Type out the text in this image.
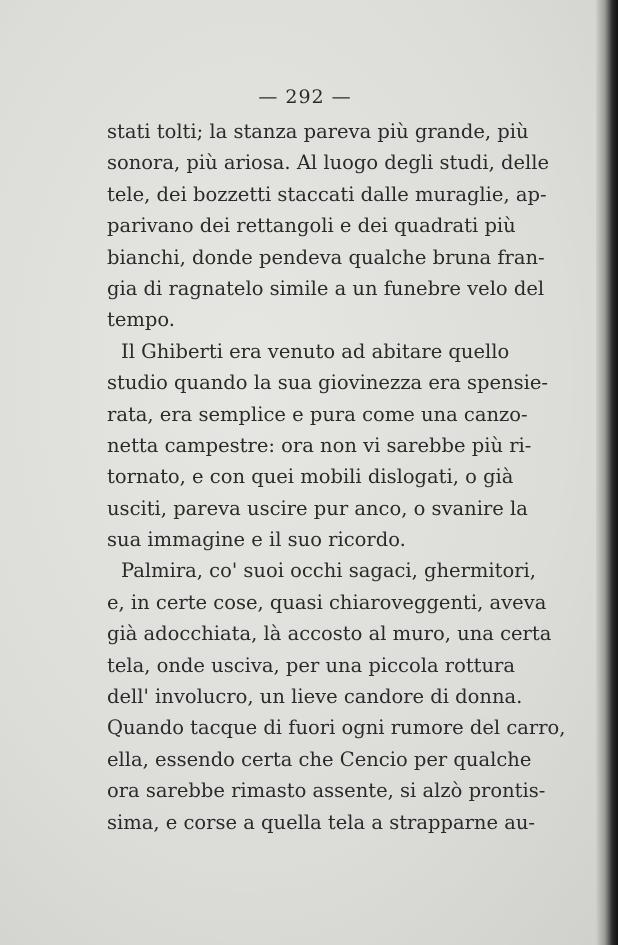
— 292 —
stati tolti; la stanza pareva più grande, più
sonora, più ariosa. Al luogo degli studi, delle
tele, dei bozzetti staccati dalle muraglie, ap-
parivano dei rettangoli e dei quadrati più
bianchi, donde pendeva qualche bruna fran-
gia di ragnatelo simile a un funebre velo del
tempo.
Il Ghiberti era venuto ad abitare quello
studio quando la sua giovinezza era spensie-
rata, era semplice e pura come una canzo-
netta campestre: ora non vi sarebbe più ri-
tornato, e con quei mobili dislogati, o già
usciti, pareva uscire pur anco, o svanire la
sua immagine e il suo ricordo.
Palmira, co' suoi occhi sagaci, ghermitori,
e, in certe cose, quasi chiaroveggenti, aveva
già adocchiata, là accosto al muro, una certa
tela, onde usciva, per una piccola rottura
dell' involucro, un lieve candore di donna.
Quando tacque di fuori ogni rumore del carro,
ella, essendo certa che Cencio per qualche
ora sarebbe rimasto assente, si alzò prontis-
sima, e corse a quella tela a strapparne au-
